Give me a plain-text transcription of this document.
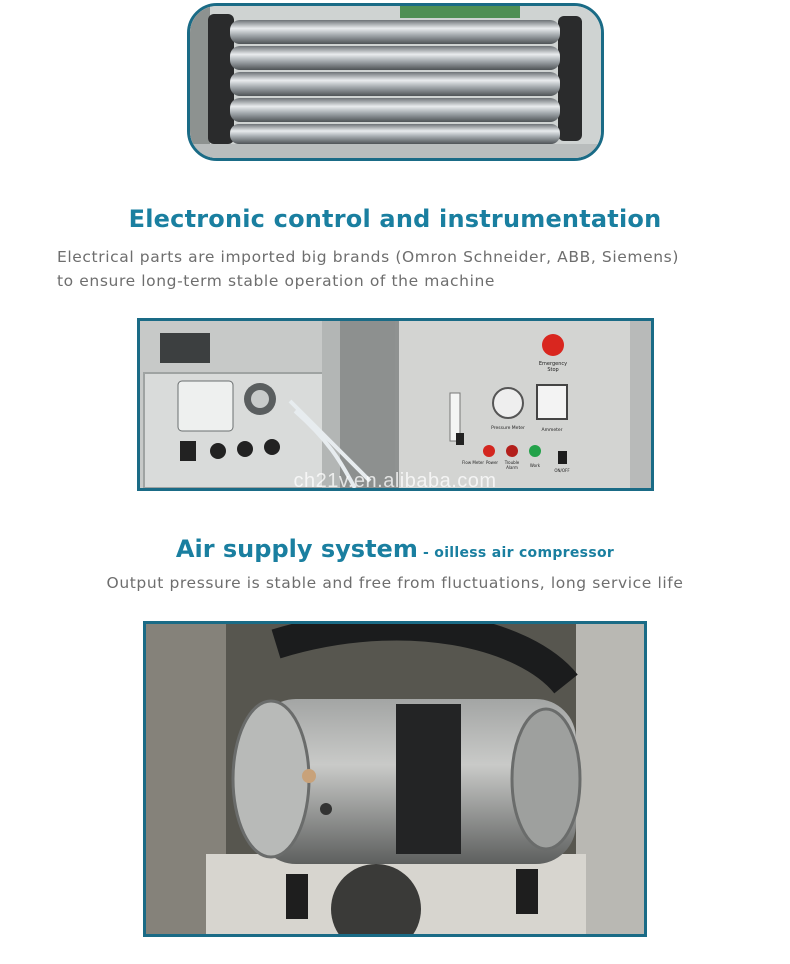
Electronic control and instrumentation
Electrical parts are imported big brands (Omron Schneider, ABB, Siemens)
to ensure long-term stable operation of the machine
Emergency
Stop
Pressure Meter	Ammeter
Flow Meter Power Trouble
Alarm	Work
ON/OFF
ch21v.en.alibaba.com
Air supply system - oilless air compressor
Output pressure is stable and free from fluctuations, long service life
